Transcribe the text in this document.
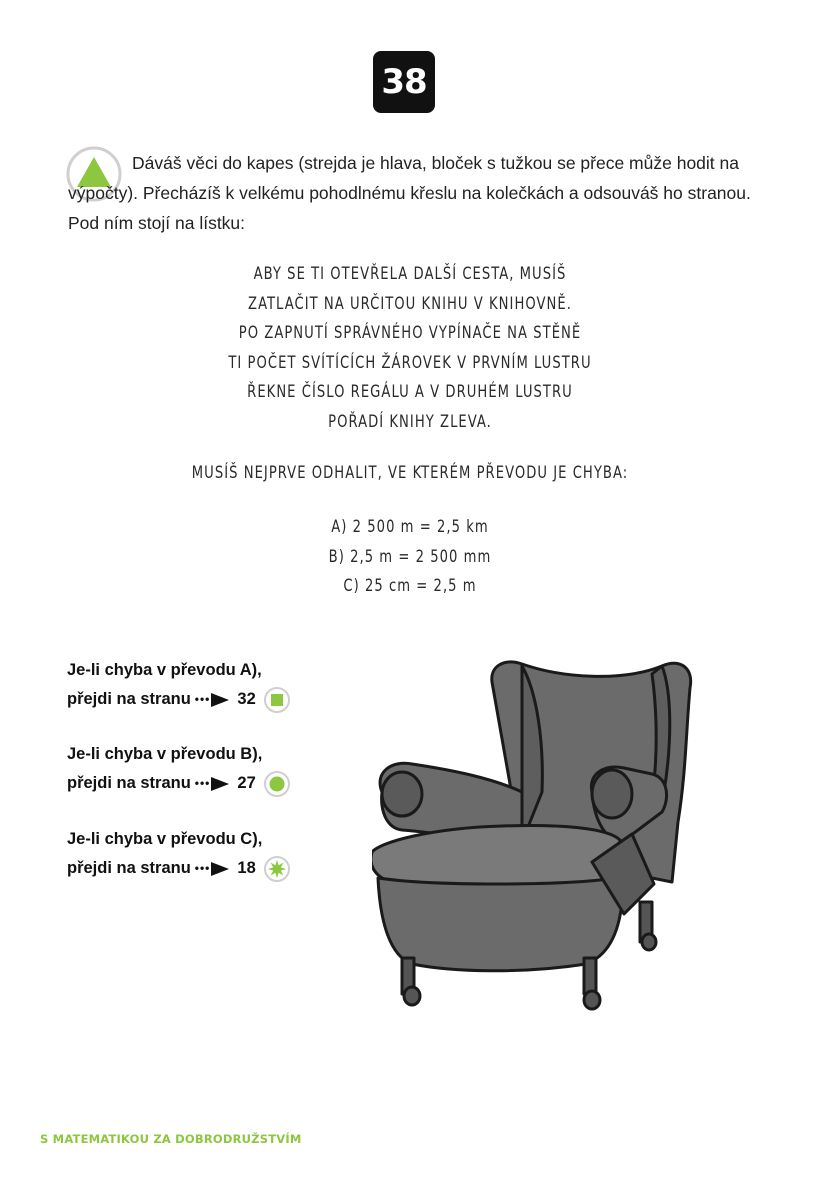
38
Dáváš věci do kapes (strejda je hlava, bloček s tužkou se přece může hodit na výpočty). Přecházíš k velkému pohodlnému křeslu na kolečkách a odsouváš ho stranou. Pod ním stojí na lístku:
ABY SE TI OTEVŘELA DALŠÍ CESTA, MUSÍŠ
ZATLAČIT NA URČITOU KNIHU V KNIHOVNĚ.
PO ZAPNUTÍ SPRÁVNÉHO VYPÍNAČE NA STĚNĚ
TI POČET SVÍTÍCÍCH ŽÁROVEK V PRVNÍM LUSTRU
ŘEKNE ČÍSLO REGÁLU A V DRUHÉM LUSTRU
POŘADÍ KNIHY ZLEVA.
MUSÍŠ NEJPRVE ODHALIT, VE KTERÉM PŘEVODU JE CHYBA:
A) 2 500 m = 2,5 km
B) 2,5 m = 2 500 mm
C) 25 cm = 2,5 m
Je-li chyba v převodu A),
přejdi na stranu ••• 32
Je-li chyba v převodu B),
přejdi na stranu ••• 27
Je-li chyba v převodu C),
přejdi na stranu ••• 18
S MATEMATIKOU ZA DOBRODRUŽSTVÍM
